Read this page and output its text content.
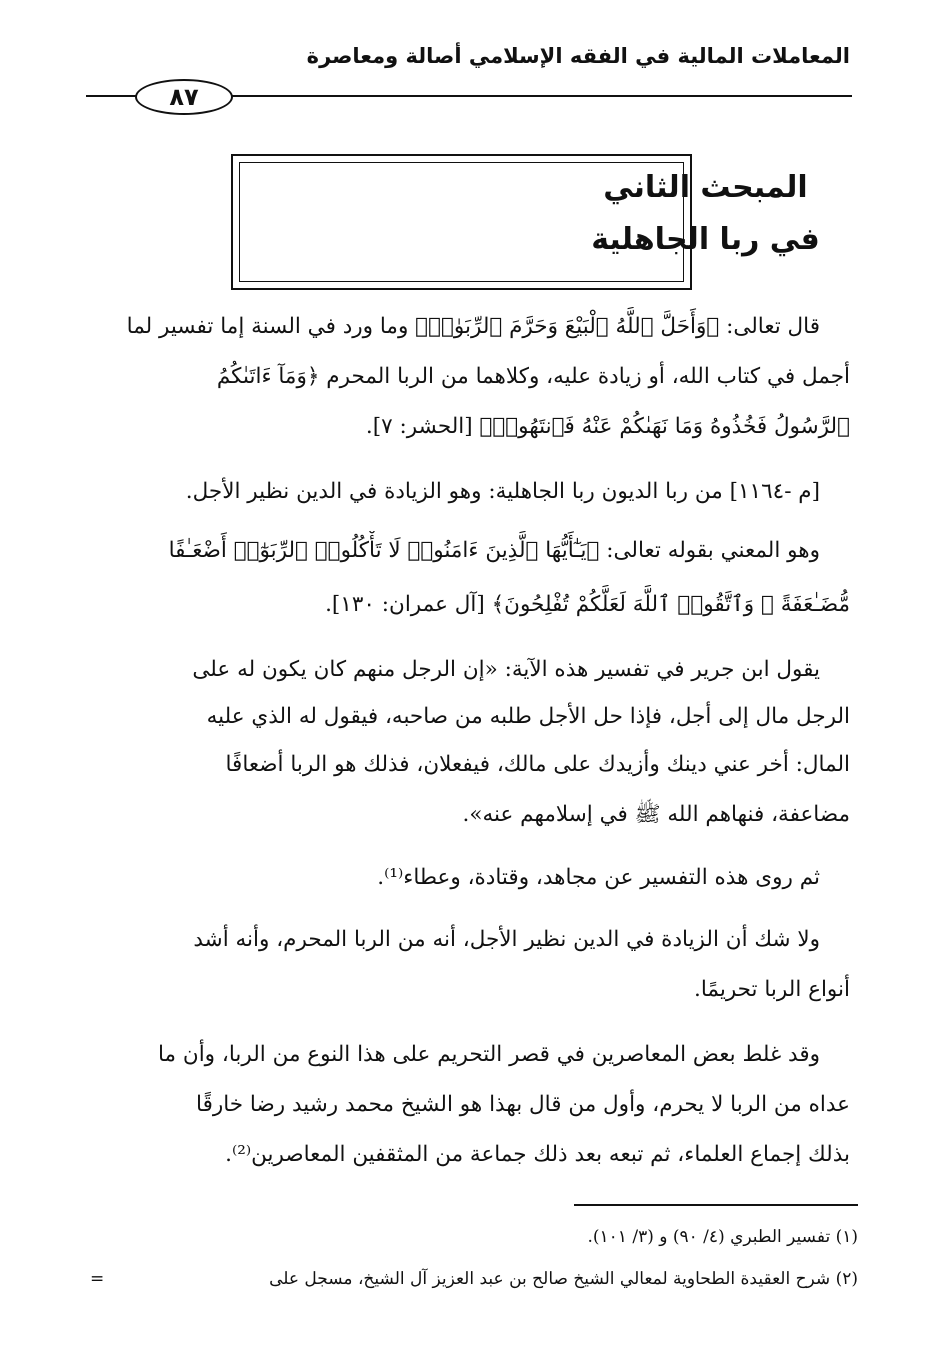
المعاملات المالية في الفقه الإسلامي أصالة ومعاصرة
٨٧
المبحث الثاني
في ربا الجاهلية
قال تعالى: ﴿وَأَحَلَّ ٱللَّهُ ٱلْبَيْعَ وَحَرَّمَ ٱلرِّبَوٰا۟﴾ وما ورد في السنة إما تفسير لما
أجمل في كتاب الله، أو زيادة عليه، وكلاهما من الربا المحرم ﴿وَمَآ ءَاتَىٰكُمُ
ٱلرَّسُولُ فَخُذُوهُ وَمَا نَهَىٰكُمْ عَنْهُ فَٱنتَهُوا۟﴾ [الحشر: ٧].
[م -١١٦٤] من ربا الديون ربا الجاهلية: وهو الزيادة في الدين نظير الأجل.
وهو المعني بقوله تعالى: ﴿يَـٰٓأَيُّهَا ٱلَّذِينَ ءَامَنُوا۟ لَا تَأْكُلُوا۟ ٱلرِّبَوٰٓا۟ أَضْعَـٰفًا
مُّضَـٰعَفَةً ۖ وَٱتَّقُوا۟ ٱللَّهَ لَعَلَّكُمْ تُفْلِحُونَ﴾ [آل عمران: ١٣٠].
يقول ابن جرير في تفسير هذه الآية: «إن الرجل منهم كان يكون له على
الرجل مال إلى أجل، فإذا حل الأجل طلبه من صاحبه، فيقول له الذي عليه
المال: أخر عني دينك وأزيدك على مالك، فيفعلان، فذلك هو الربا أضعافًا
مضاعفة، فنهاهم الله ﷺ في إسلامهم عنه».
ثم روى هذه التفسير عن مجاهد، وقتادة، وعطاء⁽¹⁾.
ولا شك أن الزيادة في الدين نظير الأجل، أنه من الربا المحرم، وأنه أشد
أنواع الربا تحريمًا.
وقد غلط بعض المعاصرين في قصر التحريم على هذا النوع من الربا، وأن ما
عداه من الربا لا يحرم، وأول من قال بهذا هو الشيخ محمد رشيد رضا خارقًا
بذلك إجماع العلماء، ثم تبعه بعد ذلك جماعة من المثقفين المعاصرين⁽²⁾.
(١) تفسير الطبري (٤/ ٩٠) و (٣/ ١٠١).
(٢) شرح العقيدة الطحاوية لمعالي الشيخ صالح بن عبد العزيز آل الشيخ، مسجل على
=
